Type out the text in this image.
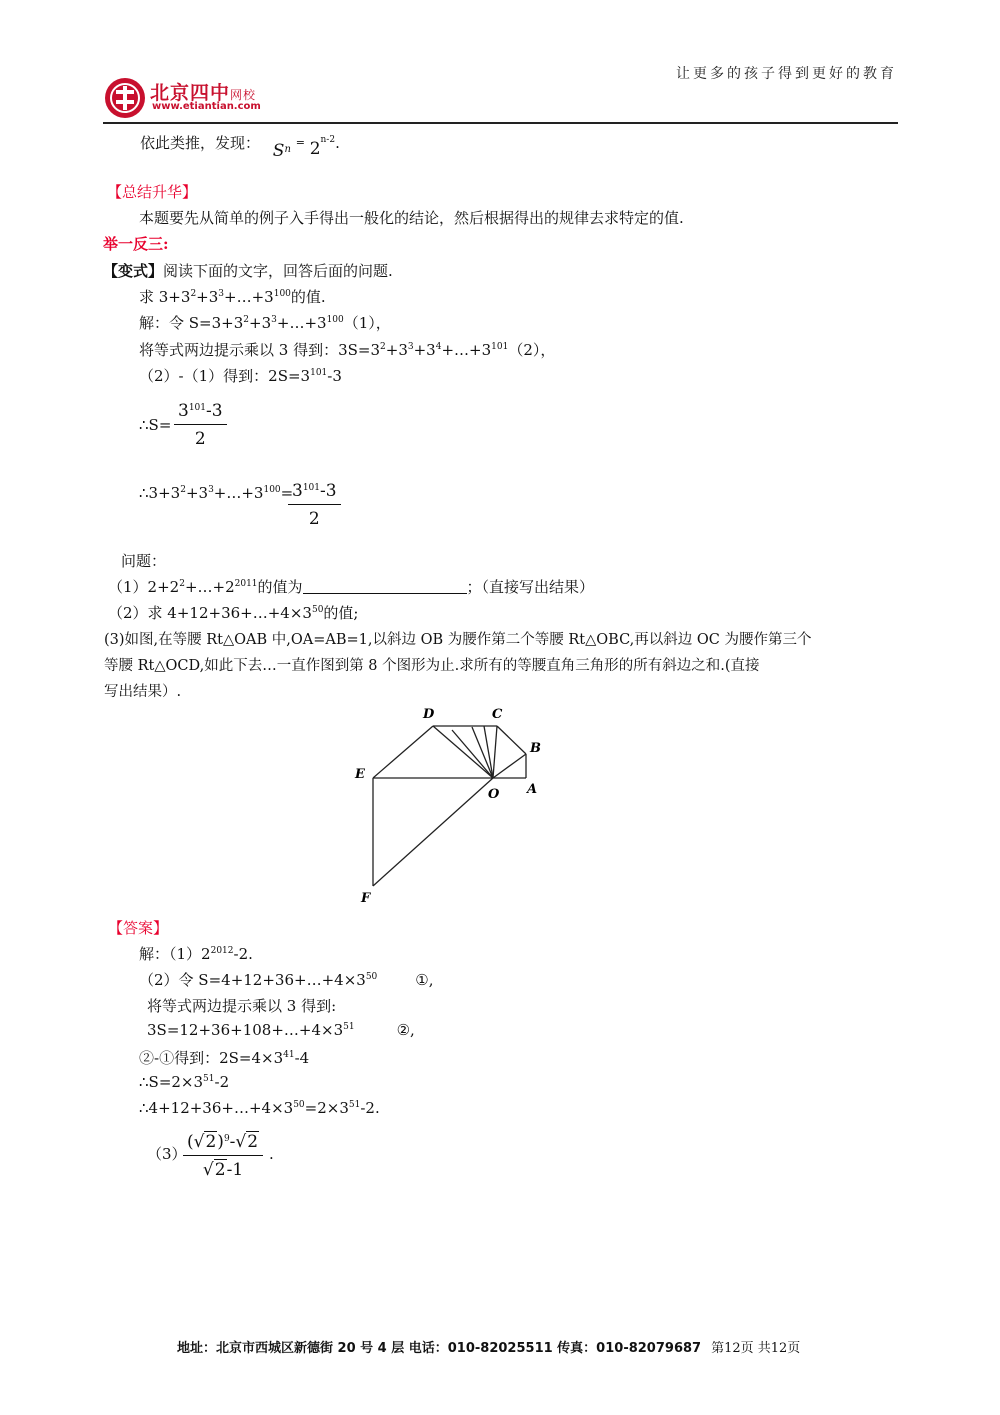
让更多的孩子得到更好的教育
北京四中网校
www.etiantian.com
依此类推，发现： $S_n = 2^{n-2}$.
【总结升华】
本题要先从简单的例子入手得出一般化的结论，然后根据得出的规律去求特定的值.
举一反三:
【变式】阅读下面的文字，回答后面的问题.
求 $3+3^2+3^3+\dots+3^{100}$的值.
解：令 $S=3+3^2+3^3+\dots+3^{100}(1)$，
将等式两边提示乘以 3 得到：$3S=3^2+3^3+3^4+\dots+3^{101}(2)$，
（2）-（1）得到：$2S=3^{101}-3$
∴S= $\frac{3^{101}-3}{2}$
$\therefore 3+3^2+3^3+\dots+3^{100}=$
$\frac{3^{101}-3}{2}$
问题：
$(1)2+2^2+\dots+2^{2011}$的值为	；（直接写出结果）
（2）求 $4+12+36+\dots+4\times 3^{50}$的值;
(3)如图,在等腰 Rt△OAB 中,OA=AB=1,以斜边 OB 为腰作第二个等腰 Rt△OBC,再以斜边 OC 为腰作第三个
等腰 Rt△OCD,如此下去…一直作图到第 8 个图形为止.求所有的等腰直角三角形的所有斜边之和.(直接
写出结果）.
D	C
B
E
O A
F
【答案】
解：$(1)2^{2012}-2$.
（2）令 $S=4+12+36+\dots+4\times 3^{50}$	①,
将等式两边提示乘以 3 得到:
$3S=12+36+108+\dots+4\times 3^{51}$	②,
②-①得到：$2S=4\times 3^{41}-4$
$\therefore S=2\times 3^{51}-2$
$\therefore 4+12+36+\dots+4\times 3^{50}=2\times 3^{51}-2$.
（3）
$\frac{(√2)^9-√2}{√2-1}$ .
地址：北京市西城区新德街 20 号 4 层 电话：010-82025511 传真：010-82079687 第12页 共12页
